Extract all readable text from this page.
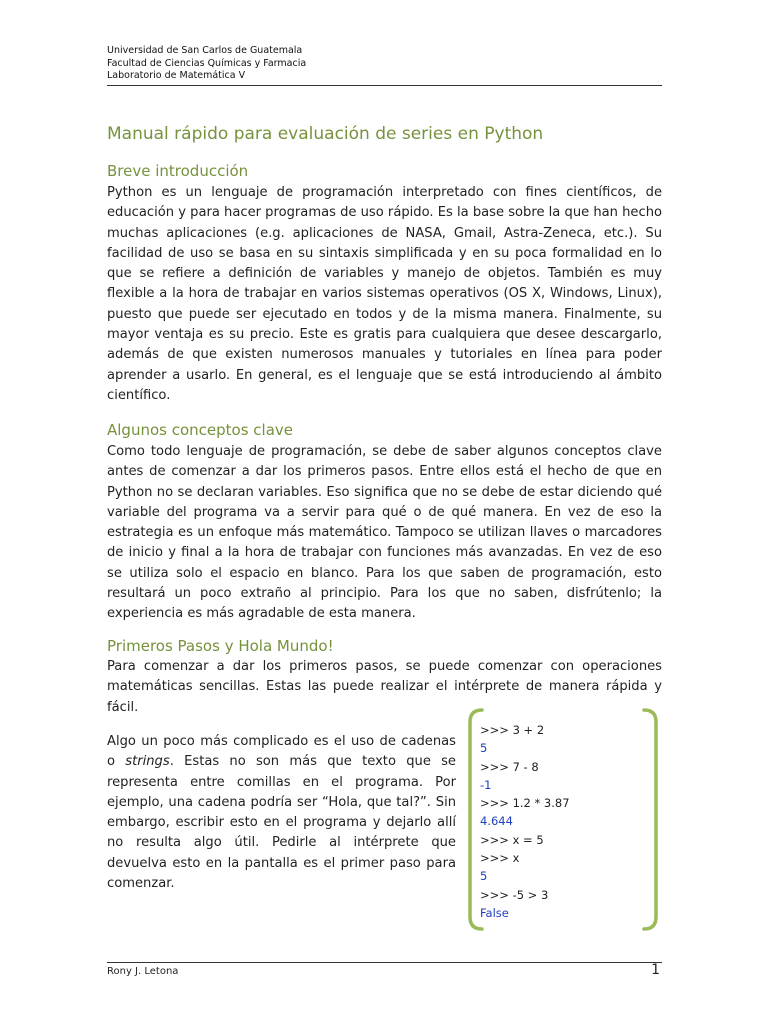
Universidad de San Carlos de Guatemala
Facultad de Ciencias Químicas y Farmacia
Laboratorio de Matemática V
Manual rápido para evaluación de series en Python
Breve introducción

Python es un lenguaje de programación interpretado con fines científicos, de educación y para hacer programas de uso rápido. Es la base sobre la que han hecho muchas aplicaciones (e.g. aplicaciones de NASA, Gmail, Astra-Zeneca, etc.). Su facilidad de uso se basa en su sintaxis simplificada y en su poca formalidad en lo que se refiere a definición de variables y manejo de objetos. También es muy flexible a la hora de trabajar en varios sistemas operativos (OS X, Windows, Linux), puesto que puede ser ejecutado en todos y de la misma manera. Finalmente, su mayor ventaja es su precio. Este es gratis para cualquiera que desee descargarlo, además de que existen numerosos manuales y tutoriales en línea para poder aprender a usarlo. En general, es el lenguaje que se está introduciendo al ámbito científico.

Algunos conceptos clave

Como todo lenguaje de programación, se debe de saber algunos conceptos clave antes de comenzar a dar los primeros pasos. Entre ellos está el hecho de que en Python no se declaran variables. Eso significa que no se debe de estar diciendo qué variable del programa va a servir para qué o de qué manera. En vez de eso la estrategia es un enfoque más matemático. Tampoco se utilizan llaves o marcadores de inicio y final a la hora de trabajar con funciones más avanzadas. En vez de eso se utiliza solo el espacio en blanco. Para los que saben de programación, esto resultará un poco extraño al principio. Para los que no saben, disfrútenlo; la experiencia es más agradable de esta manera.

Primeros Pasos y Hola Mundo!

Para comenzar a dar los primeros pasos, se puede comenzar con operaciones matemáticas sencillas. Estas las puede realizar el intérprete de manera rápida y fácil.

Algo un poco más complicado es el uso de cadenas o strings. Estas no son más que texto que se representa entre comillas en el programa. Por ejemplo, una cadena podría ser “Hola, que tal?”. Sin embargo, escribir esto en el programa y dejarlo allí no resulta algo útil. Pedirle al intérprete que devuelva esto en la pantalla es el primer paso para comenzar.

>>> 3 + 2
5
>>> 7 - 8
-1
>>> 1.2 * 3.87
4.644
>>> x = 5
>>> x
5
>>> -5 > 3
False
Rony J. Letona	1
